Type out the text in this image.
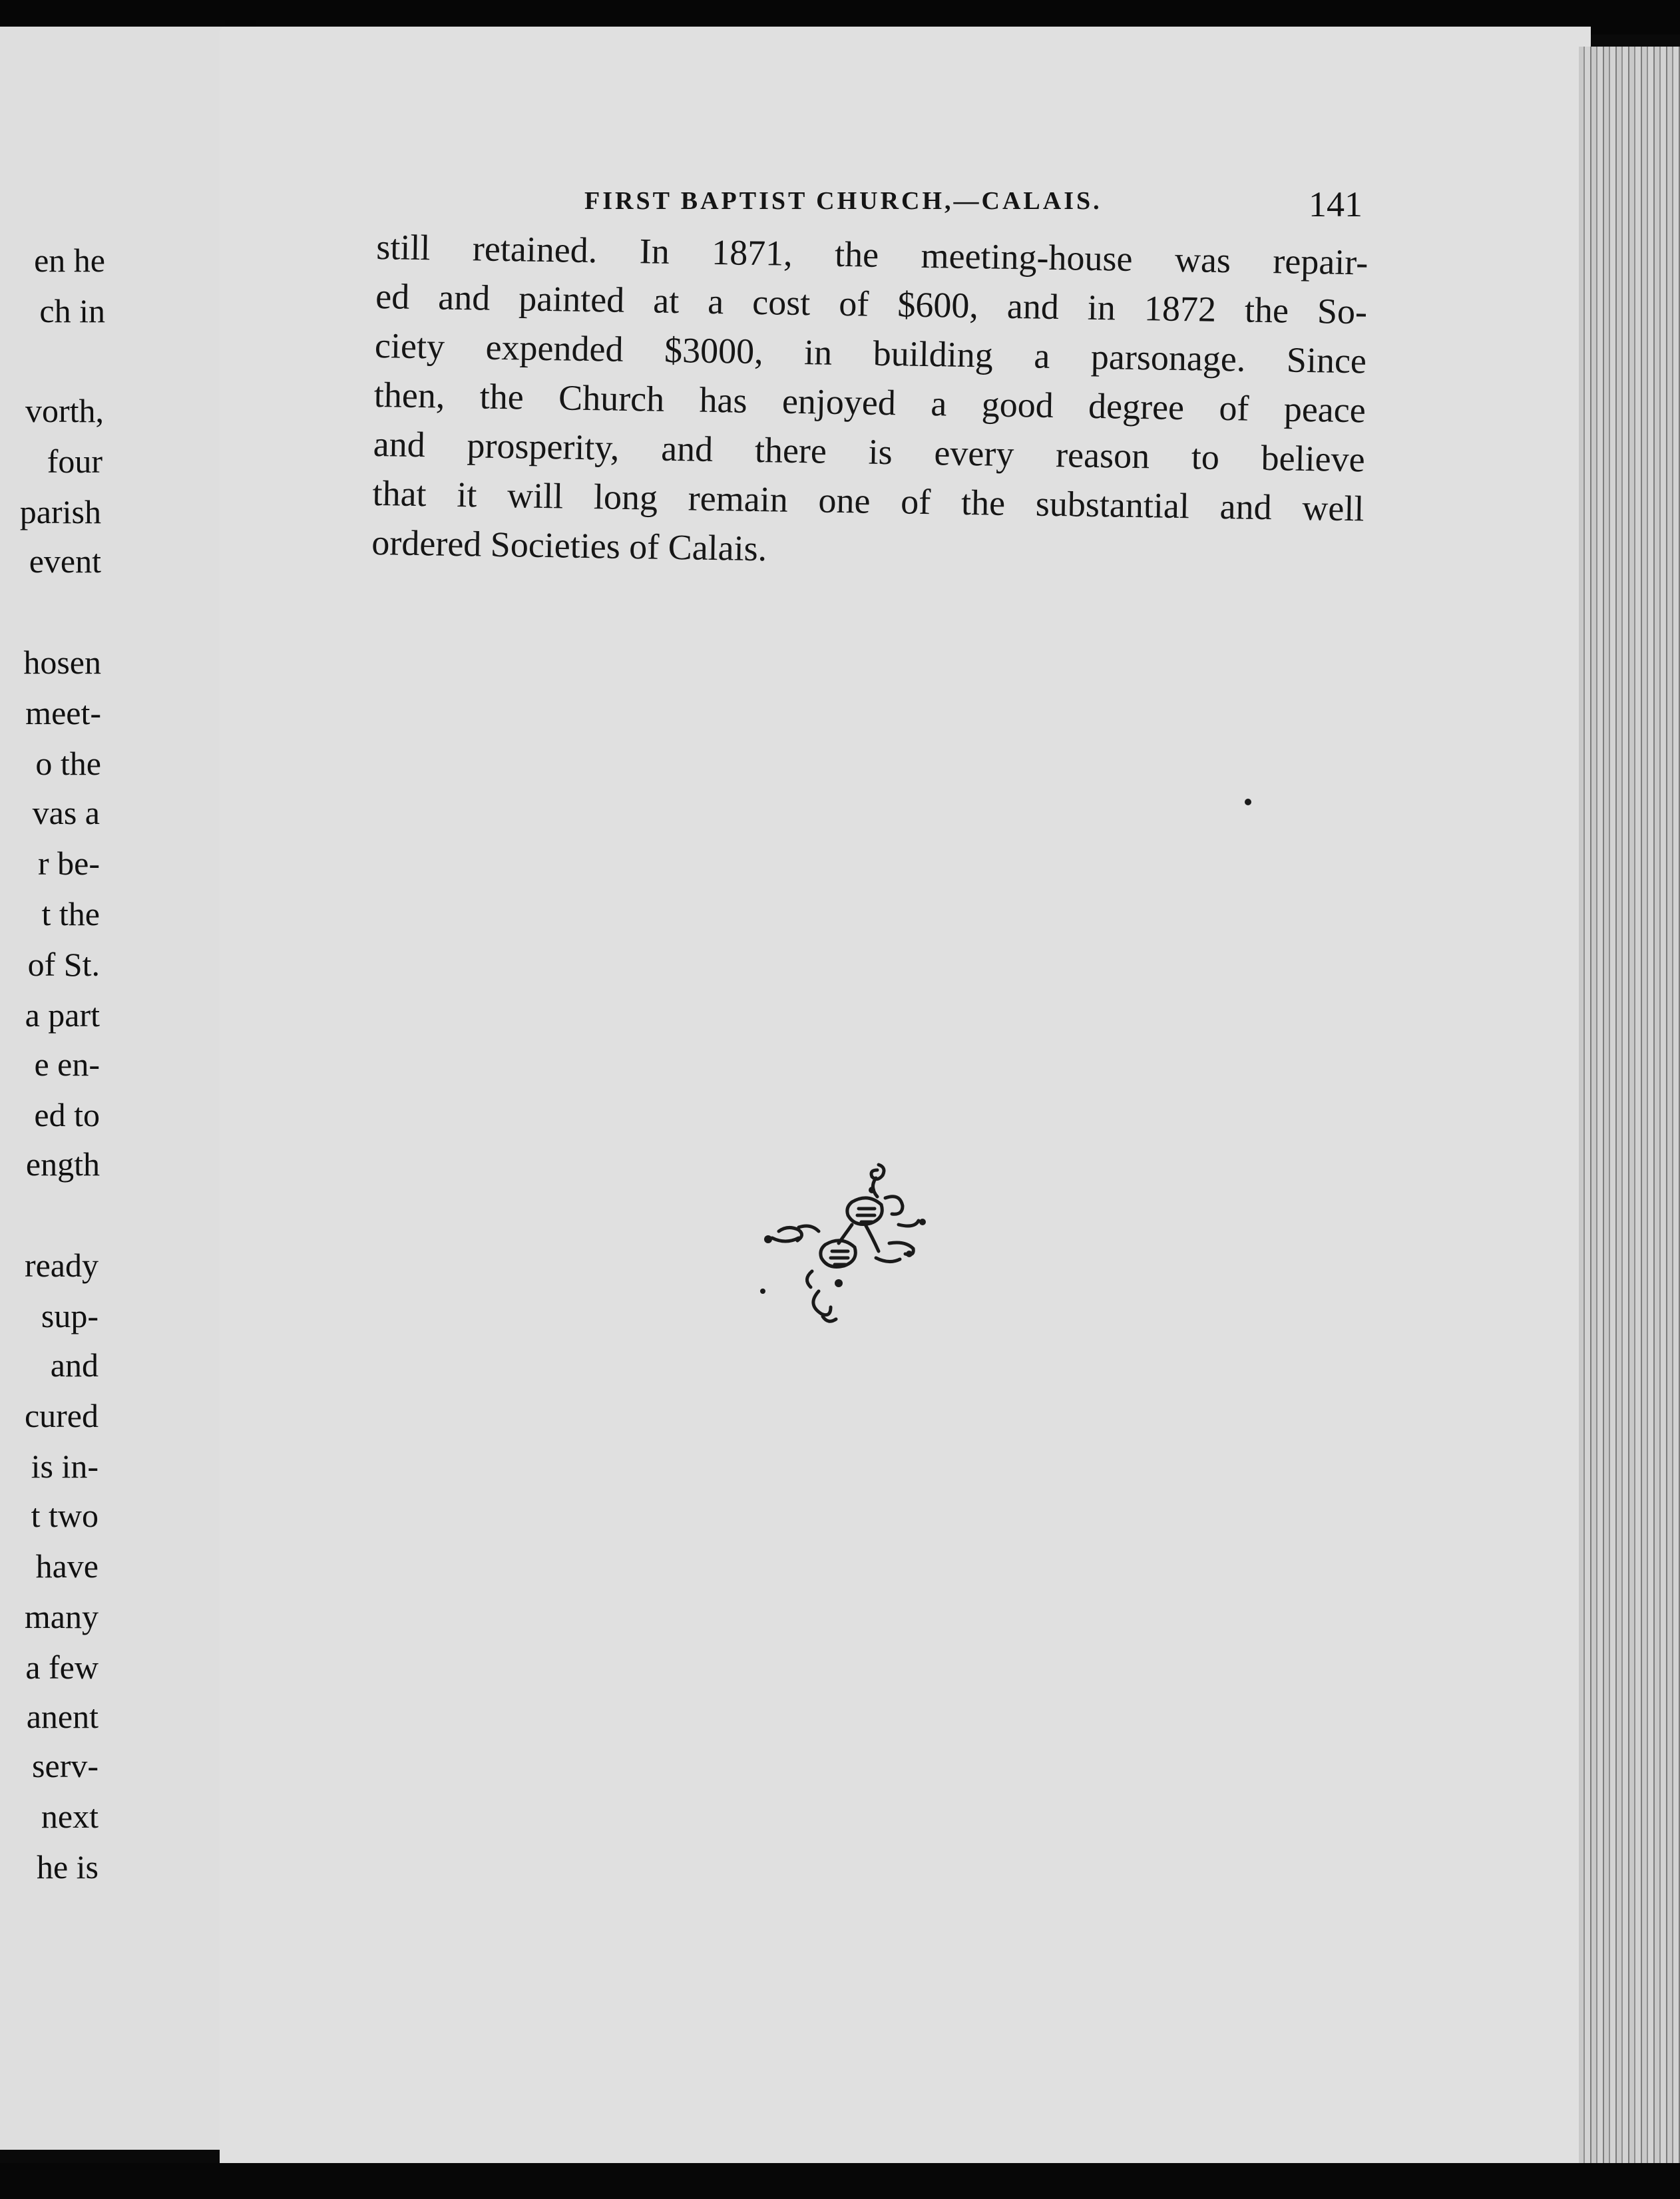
en he
ch in
vorth,
four
parish
event
hosen
meet-
o the
vas a
r be-
t the
of St.
a part
e en-
ed to
ength
ready
sup-
and
cured
is in-
t two
have
many
a few
anent
serv-
next
he is
FIRST BAPTIST CHURCH,—CALAIS.	141
still retained. In 1871, the meeting-house was repair-
ed and painted at a cost of $600, and in 1872 the So-
ciety expended $3000, in building a parsonage. Since
then, the Church has enjoyed a good degree of peace
and prosperity, and there is every reason to believe
that it will long remain one of the substantial and well
ordered Societies of Calais.
